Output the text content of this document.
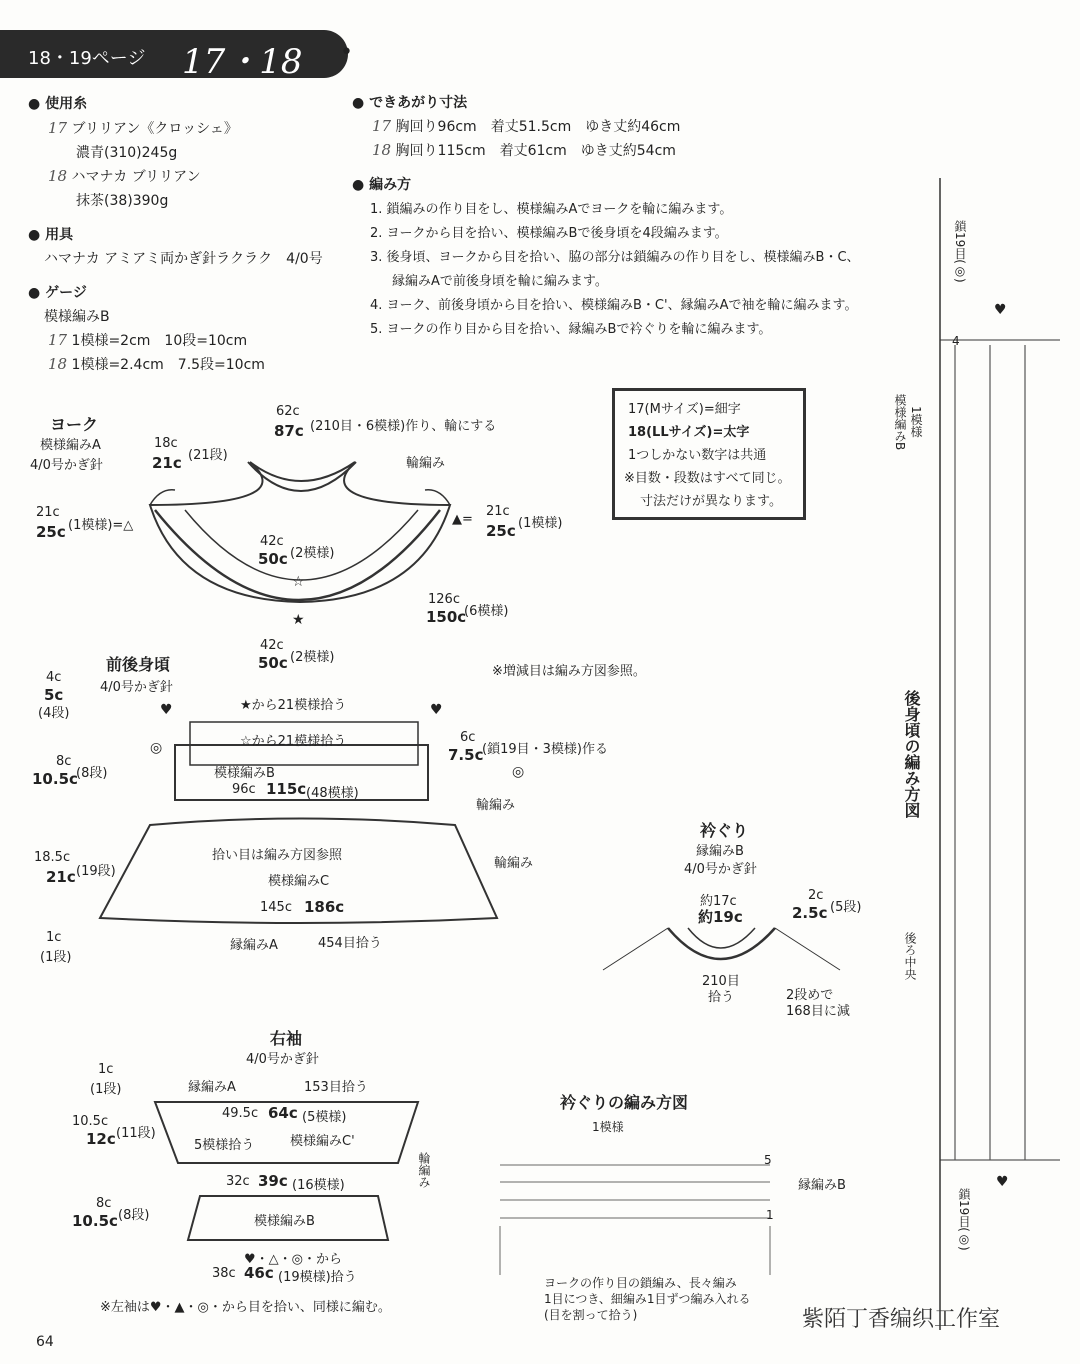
18・19ページ 17・18 •
● 使用糸
17 ブリリアン《クロッシェ》
濃青(310)245g
18 ハマナカ ブリリアン
抹茶(38)390g
● 用具
ハマナカ アミアミ両かぎ針ラクラク　4/0号
● ゲージ
模様編みB
17 1模様=2cm　10段=10cm
18 1模様=2.4cm　7.5段=10cm
● できあがり寸法
17 胸回り96cm　着丈51.5cm　ゆき丈約46cm
18 胸回り115cm　着丈61cm　ゆき丈約54cm
● 編み方
1. 鎖編みの作り目をし、模様編みAでヨークを輪に編みます。
2. ヨークから目を拾い、模様編みBで後身頃を4段編みます。
3. 後身頃、ヨークから目を拾い、脇の部分は鎖編みの作り目をし、模様編みB・C、
縁編みAで前後身頃を輪に編みます。
4. ヨーク、前後身頃から目を拾い、模様編みB・C'、縁編みAで袖を輪に編みます。
5. ヨークの作り目から目を拾い、縁編みBで衿ぐりを輪に編みます。
17(Mサイズ)=細字
18(LLサイズ)=太字
1つしかない数字は共通
※目数・段数はすべて同じ。
寸法だけが異なります。
ヨーク
模様編みA
4/0号かぎ針
62c
87c (210目・6模様)作り、輪にする
18c
21c (21段)
輪編み
21c
25c (1模様)=△	▲=
21c
25c (1模様)
42c
50c (2模様)
☆
★
126c
150c
(6模様)
42c
50c (2模様)
前後身頃
4/0号かぎ針
※増減目は編み方図参照。
4c
5c
(4段)
8c
10.5c
(8段)
18.5c
21c (19段)
1c
(1段)
♥	♥
★から21模様拾う
☆から21模様拾う
◎
◎
模様編みB
96c 115c (48模様)
6c
7.5c
(鎖19目・3模様)作る
輪編み
輪編み
拾い目は編み方図参照
模様編みC
145c 186c
縁編みA	454目拾う
衿ぐり
縁編みB
4/0号かぎ針
約17c
約19c
2c
2.5c (5段)
210目
拾う	2段めで
168目に減
右袖
4/0号かぎ針
1c
(1段)
10.5c
12c (11段)
8c
10.5c (8段)
縁編みA	153目拾う
49.5c 64c (5模様)
5模様拾う	模様編みC'
輪編み
32c 39c (16模様)
模様編みB
♥・△・◎・から
38c 46c (19模様)拾う
※左袖は♥・▲・◎・から目を拾い、同様に編む。
衿ぐりの編み方図
1模様
5
1
縁編みB
ヨークの作り目の鎖編み、長々編み
1目につき、細編み1目ずつ編み入れる
(目を割って拾う)
後身頃の編み方図
模様編みB 1模様
鎖19目(◎)
鎖19目(◎)
後ろ中央
4
♥
♥
64
紫陌丁香编织工作室
